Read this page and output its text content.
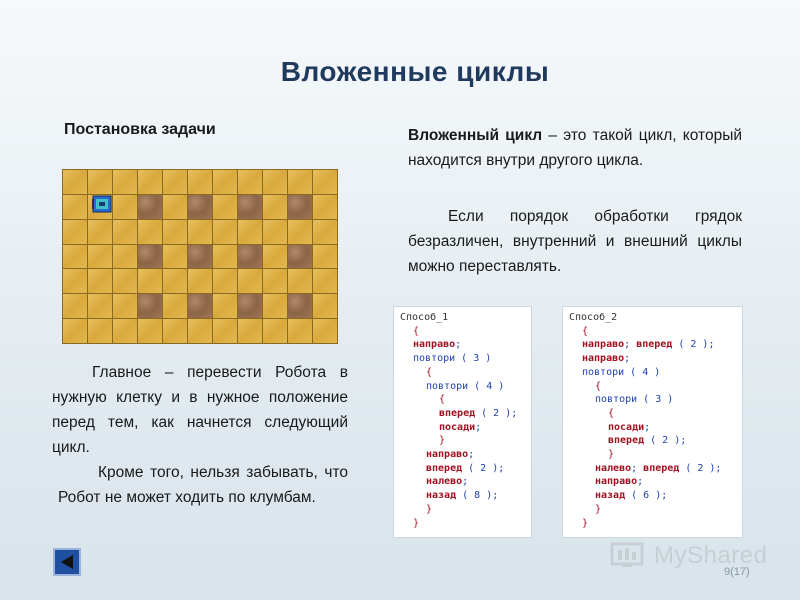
Вложенные циклы
Постановка задачи	Вложенный цикл – это такой цикл, который находится внутри другого цикла.
Если порядок обработки грядок безразличен, внутренний и внешний циклы можно переставлять.
Главное – перевести Робота в нужную клетку и в нужное положение перед тем, как начнется следующий цикл.
Кроме того, нельзя забывать, что Робот не может ходить по клумбам.
Способ_1
{
направо;
повтори ( 3 )
{
повтори ( 4 )
{
вперед ( 2 );
посади;
}
направо;
вперед ( 2 );
налево;
назад ( 8 );
}
}
Способ_2
{
направо; вперед ( 2 );
направо;
повтори ( 4 )
{
повтори ( 3 )
{
посади;
вперед ( 2 );
}
налево; вперед ( 2 );
направо;
назад ( 6 );
}
}
MyShared
9(17)
